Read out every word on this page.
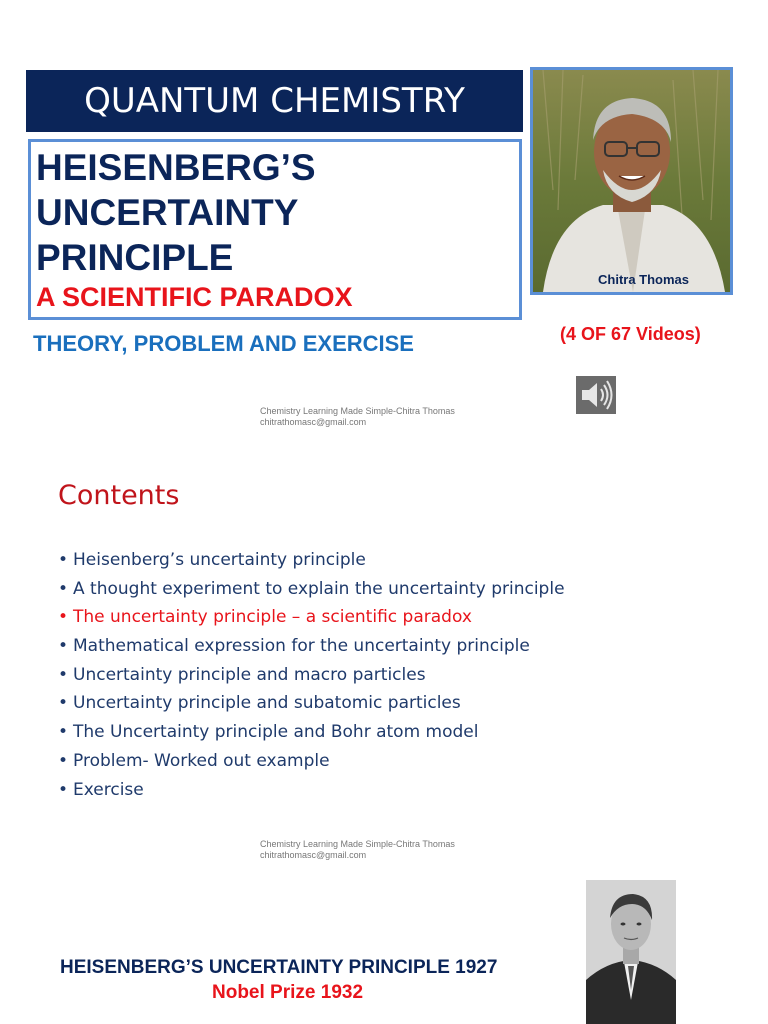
QUANTUM CHEMISTRY
HEISENBERG’S
UNCERTAINTY
PRINCIPLE
A SCIENTIFIC PARADOX
THEORY, PROBLEM AND EXERCISE	(4 OF 67 Videos)
Chitra Thomas
Chemistry Learning Made Simple-Chitra Thomas chitrathomasc@gmail.com
Contents
• Heisenberg’s uncertainty principle
• A thought experiment to explain the uncertainty principle
• The uncertainty principle – a scientific paradox
• Mathematical expression for the uncertainty principle
• Uncertainty principle and macro particles
• Uncertainty principle and subatomic particles
• The Uncertainty principle and Bohr atom model
• Problem- Worked out example
• Exercise
Chemistry Learning Made Simple-Chitra Thomas chitrathomasc@gmail.com
HEISENBERG’S UNCERTAINTY PRINCIPLE 1927
Nobel Prize 1932
